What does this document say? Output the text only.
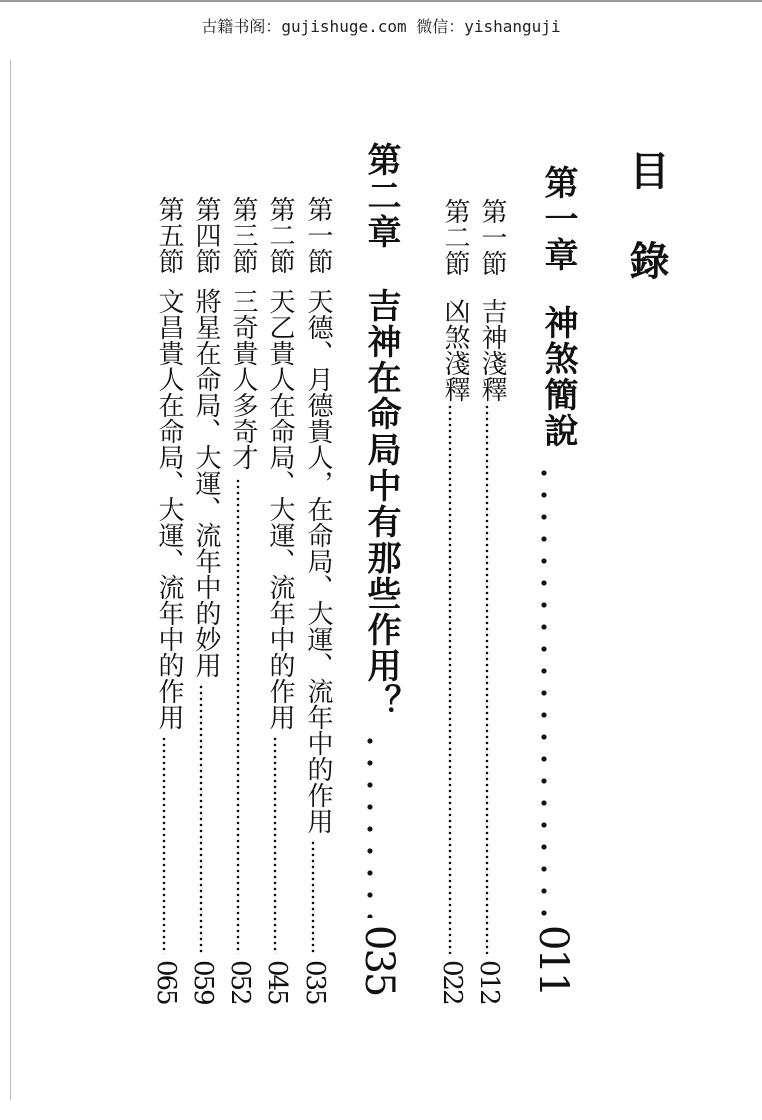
古籍书阁：gujishuge.com 微信：yishanguji
目
錄
第一章
神煞簡說
011
第一節
吉神淺釋
012
第二節
凶煞淺釋
022
第二章
吉神在命局中有那些作用？
035
第一節
天德、月德貴人，在命局、大運、流年中的作用
035
第二節
天乙貴人在命局、大運、流年中的作用
045
第三節
三奇貴人多奇才
052
第四節
將星在命局、大運、流年中的妙用
059
第五節
文昌貴人在命局、大運、流年中的作用
065
